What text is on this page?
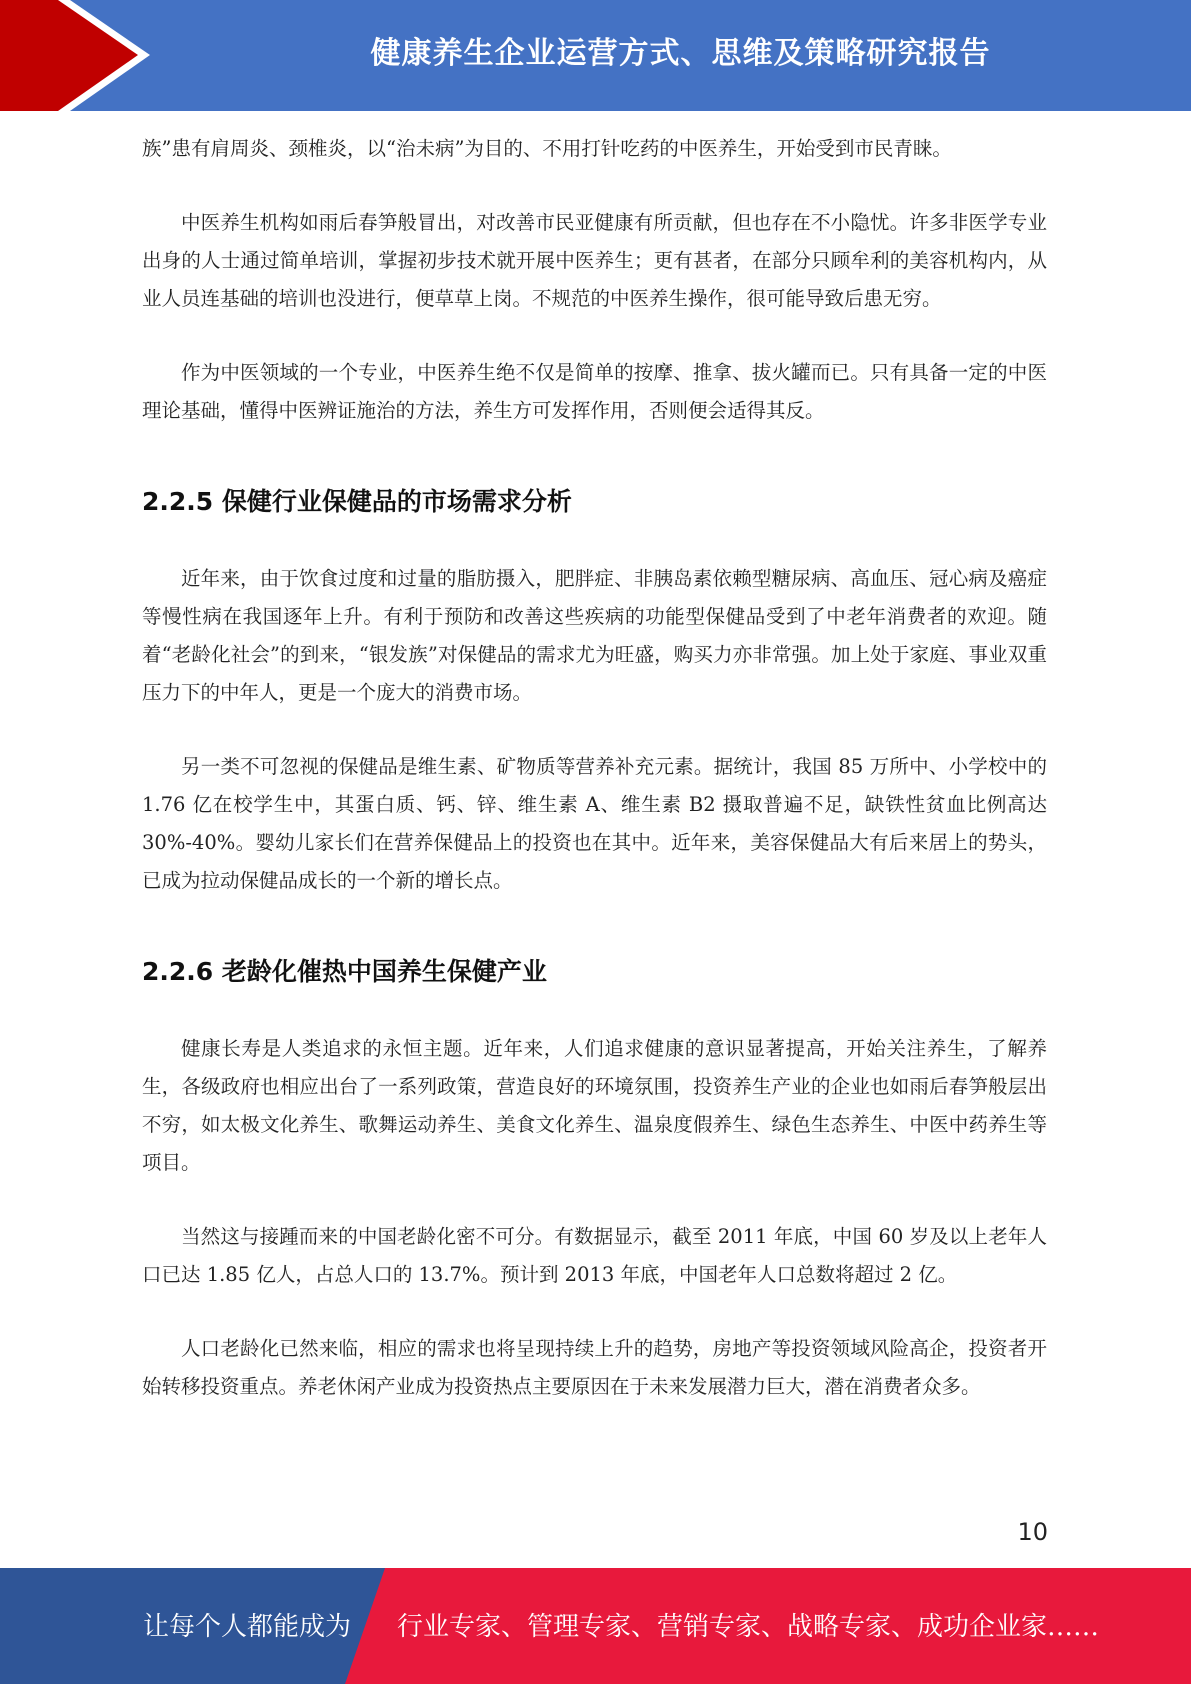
健康养生企业运营方式、思维及策略研究报告

族”患有肩周炎、颈椎炎，以“治未病”为目的、不用打针吃药的中医养生，开始受到市民青睐。

中医养生机构如雨后春笋般冒出，对改善市民亚健康有所贡献，但也存在不小隐忧。许多非医学专业出身的人士通过简单培训，掌握初步技术就开展中医养生；更有甚者，在部分只顾牟利的美容机构内，从业人员连基础的培训也没进行，便草草上岗。不规范的中医养生操作，很可能导致后患无穷。

作为中医领域的一个专业，中医养生绝不仅是简单的按摩、推拿、拔火罐而已。只有具备一定的中医理论基础，懂得中医辨证施治的方法，养生方可发挥作用，否则便会适得其反。

2.2.5 保健行业保健品的市场需求分析

近年来，由于饮食过度和过量的脂肪摄入，肥胖症、非胰岛素依赖型糖尿病、高血压、冠心病及癌症等慢性病在我国逐年上升。有利于预防和改善这些疾病的功能型保健品受到了中老年消费者的欢迎。随着“老龄化社会”的到来，“银发族”对保健品的需求尤为旺盛，购买力亦非常强。加上处于家庭、事业双重压力下的中年人，更是一个庞大的消费市场。

另一类不可忽视的保健品是维生素、矿物质等营养补充元素。据统计，我国 85 万所中、小学校中的 1.76 亿在校学生中，其蛋白质、钙、锌、维生素 A、维生素 B2 摄取普遍不足，缺铁性贫血比例高达 30%-40%。婴幼儿家长们在营养保健品上的投资也在其中。近年来，美容保健品大有后来居上的势头，已成为拉动保健品成长的一个新的增长点。

2.2.6 老龄化催热中国养生保健产业

健康长寿是人类追求的永恒主题。近年来，人们追求健康的意识显著提高，开始关注养生，了解养生，各级政府也相应出台了一系列政策，营造良好的环境氛围，投资养生产业的企业也如雨后春笋般层出不穷，如太极文化养生、歌舞运动养生、美食文化养生、温泉度假养生、绿色生态养生、中医中药养生等项目。

当然这与接踵而来的中国老龄化密不可分。有数据显示，截至 2011 年底，中国 60 岁及以上老年人口已达 1.85 亿人，占总人口的 13.7%。预计到 2013 年底，中国老年人口总数将超过 2 亿。

人口老龄化已然来临，相应的需求也将呈现持续上升的趋势，房地产等投资领域风险高企，投资者开始转移投资重点。养老休闲产业成为投资热点主要原因在于未来发展潜力巨大，潜在消费者众多。

10
让每个人都能成为 行业专家、管理专家、营销专家、战略专家、成功企业家……
